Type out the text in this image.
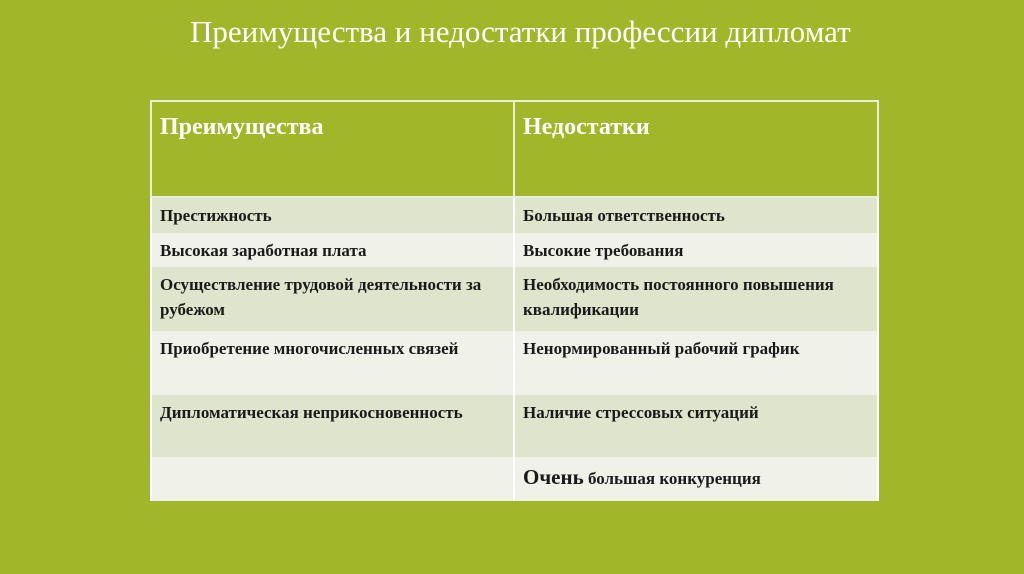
Преимущества и недостатки профессии дипломат
Преимущества	Недостатки
Престижность	Большая ответственность
Высокая заработная плата	Высокие требования
Осуществление трудовой деятельности за рубежом	Необходимость постоянного повышения квалификации
Приобретение многочисленных связей	Ненормированный рабочий график
Дипломатическая неприкосновенность	Наличие стрессовых ситуаций
	Очень большая конкуренция
